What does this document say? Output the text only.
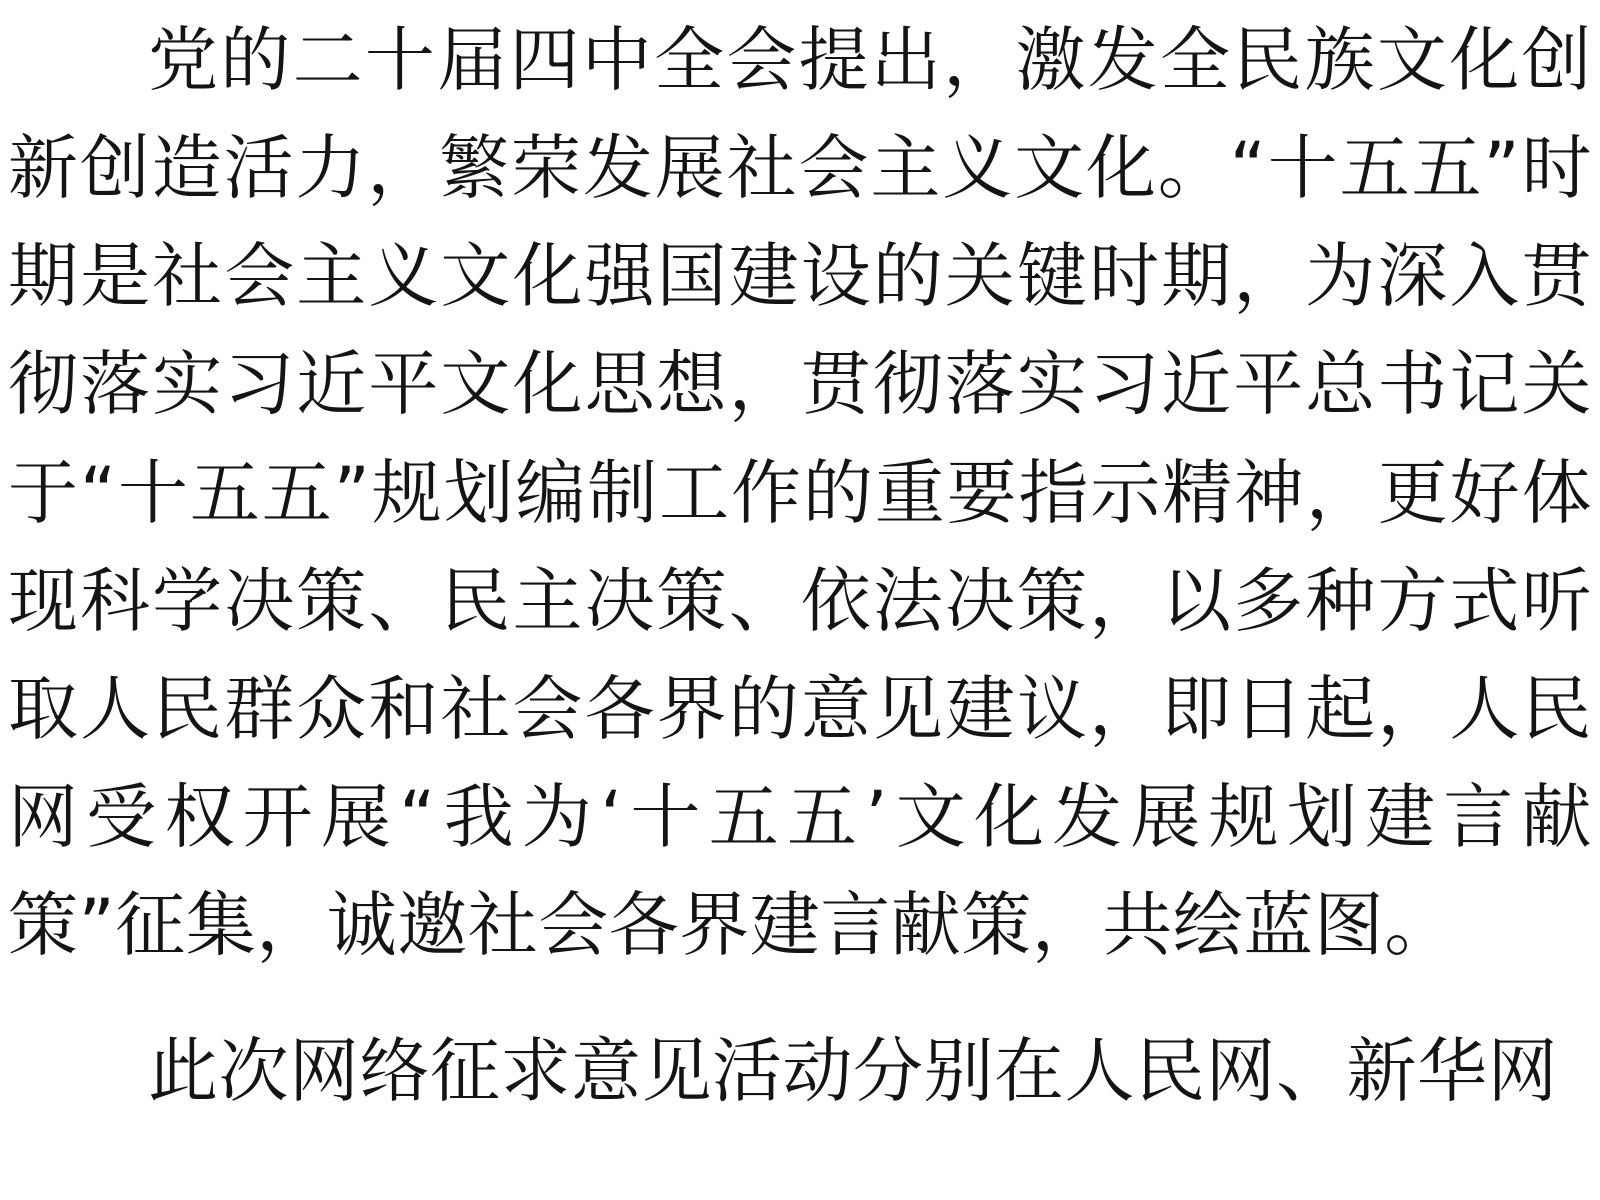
党的二十届四中全会提出，激发全民族文化创新创造活力，繁荣发展社会主义文化。“十五五”时期是社会主义文化强国建设的关键时期，为深入贯彻落实习近平文化思想，贯彻落实习近平总书记关于“十五五”规划编制工作的重要指示精神，更好体现科学决策、民主决策、依法决策，以多种方式听取人民群众和社会各界的意见建议，即日起，人民网受权开展“我为‘十五五’文化发展规划建言献策”征集，诚邀社会各界建言献策，共绘蓝图。

此次网络征求意见活动分别在人民网、新华网
